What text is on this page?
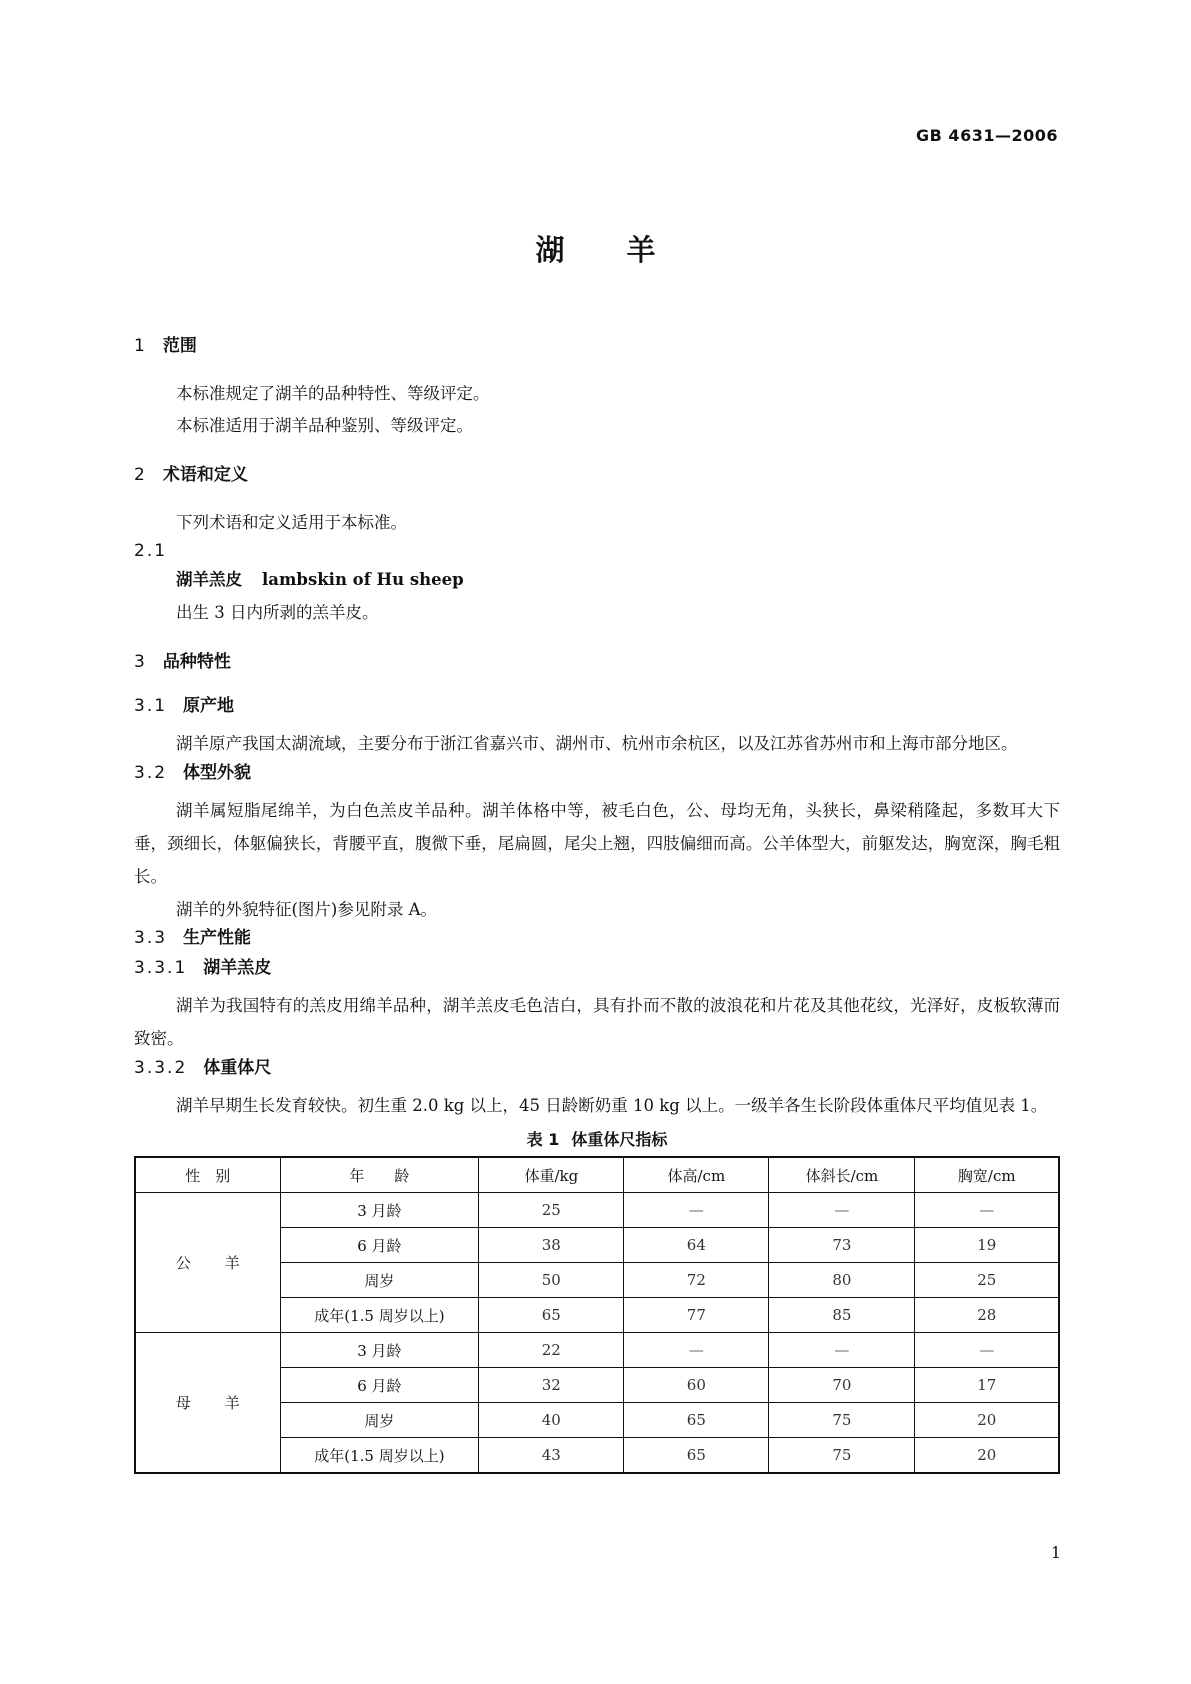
GB 4631—2006
湖羊
1 范围
本标准规定了湖羊的品种特性、等级评定。
本标准适用于湖羊品种鉴别、等级评定。
2 术语和定义
下列术语和定义适用于本标准。
2.1
湖羊羔皮 lambskin of Hu sheep
出生 3 日内所剥的羔羊皮。
3 品种特性
3.1 原产地
湖羊原产我国太湖流域，主要分布于浙江省嘉兴市、湖州市、杭州市余杭区，以及江苏省苏州市和上海市部分地区。
3.2 体型外貌
湖羊属短脂尾绵羊，为白色羔皮羊品种。湖羊体格中等，被毛白色，公、母均无角，头狭长，鼻梁稍隆起，多数耳大下垂，颈细长，体躯偏狭长，背腰平直，腹微下垂，尾扁圆，尾尖上翘，四肢偏细而高。公羊体型大，前躯发达，胸宽深，胸毛粗长。
湖羊的外貌特征(图片)参见附录 A。
3.3 生产性能
3.3.1 湖羊羔皮
湖羊为我国特有的羔皮用绵羊品种，湖羊羔皮毛色洁白，具有扑而不散的波浪花和片花及其他花纹，光泽好，皮板软薄而致密。
3.3.2 体重体尺
湖羊早期生长发育较快。初生重 2.0 kg 以上，45 日龄断奶重 10 kg 以上。一级羊各生长阶段体重体尺平均值见表 1。
表 1 体重体尺指标
性　别	年　　龄	体重/kg	体高/cm	体斜长/cm	胸宽/cm
公羊	3 月龄	25	—	—	—
	6 月龄	38	64	73	19
	周岁	50	72	80	25
	成年(1.5 周岁以上)	65	77	85	28
母羊	3 月龄	22	—	—	—
	6 月龄	32	60	70	17
	周岁	40	65	75	20
	成年(1.5 周岁以上)	43	65	75	20
1
